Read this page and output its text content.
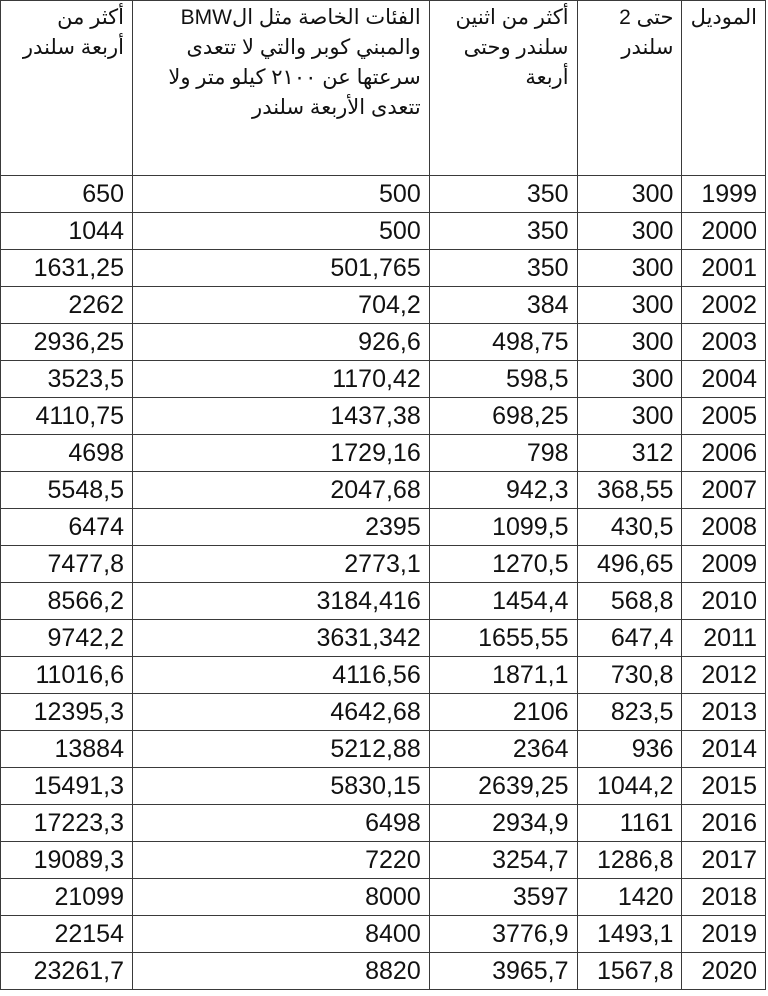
أكثر من أربعة سلندر	الفئات الخاصة مثل الBMW والمبني كوبر والتي لا تتعدى سرعتها عن ٢١٠٠ كيلو متر ولا تتعدى الأربعة سلندر	أكثر من اثنين سلندر وحتى أربعة	حتى 2 سلندر	الموديل

650	500	350	300	1999
1044	500	350	300	2000
1631,25	501,765	350	300	2001
2262	704,2	384	300	2002
2936,25	926,6	498,75	300	2003
3523,5	1170,42	598,5	300	2004
4110,75	1437,38	698,25	300	2005
4698	1729,16	798	312	2006
5548,5	2047,68	942,3	368,55	2007
6474	2395	1099,5	430,5	2008
7477,8	2773,1	1270,5	496,65	2009
8566,2	3184,416	1454,4	568,8	2010
9742,2	3631,342	1655,55	647,4	2011
11016,6	4116,56	1871,1	730,8	2012
12395,3	4642,68	2106	823,5	2013
13884	5212,88	2364	936	2014
15491,3	5830,15	2639,25	1044,2	2015
17223,3	6498	2934,9	1161	2016
19089,3	7220	3254,7	1286,8	2017
21099	8000	3597	1420	2018
22154	8400	3776,9	1493,1	2019
23261,7	8820	3965,7	1567,8	2020
